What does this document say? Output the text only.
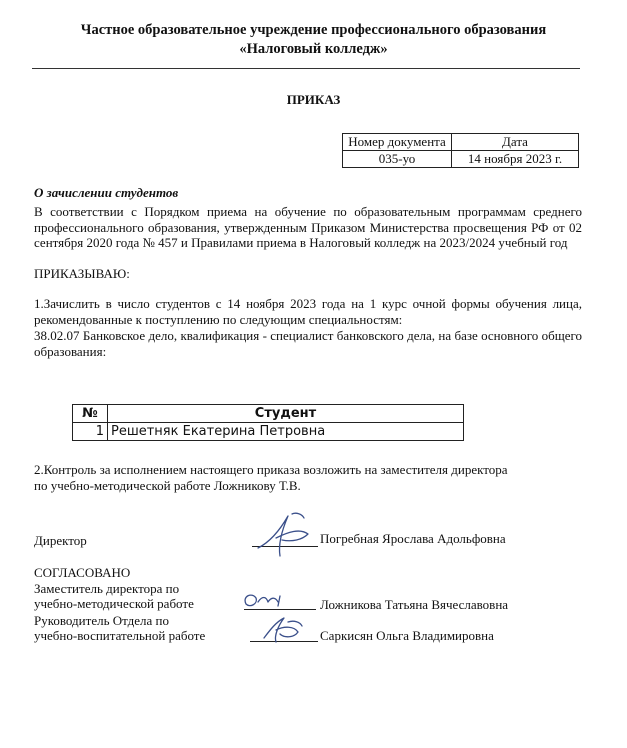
Частное образовательное учреждение профессионального образования
«Налоговый колледж»
ПРИКАЗ
Номер документа	Дата
035-уо	14 ноября 2023 г.
О зачислении студентов
В соответствии с Порядком приема на обучение по образовательным программам среднего профессионального образования, утвержденным Приказом Министерства просвещения РФ от 02 сентября 2020 года № 457 и Правилами приема в Налоговый колледж на 2023/2024 учебный год
ПРИКАЗЫВАЮ:
1.Зачислить в число студентов с 14 ноября 2023 года на 1 курс очной формы обучения лица, рекомендованные к поступлению по следующим специальностям:
38.02.07 Банковское дело, квалификация - специалист банковского дела, на базе основного общего образования:
№	Студент
1	Решетняк Екатерина Петровна
2.Контроль за исполнением настоящего приказа возложить на заместителя директора
по учебно-методической работе Ложникову Т.В.
Директор	Погребная Ярослава Адольфовна
СОГЛАСОВАНО
Заместитель директора по
учебно-методической работе	Ложникова Татьяна Вячеславовна
Руководитель Отдела по
учебно-воспитательной работе	Саркисян Ольга Владимировна
